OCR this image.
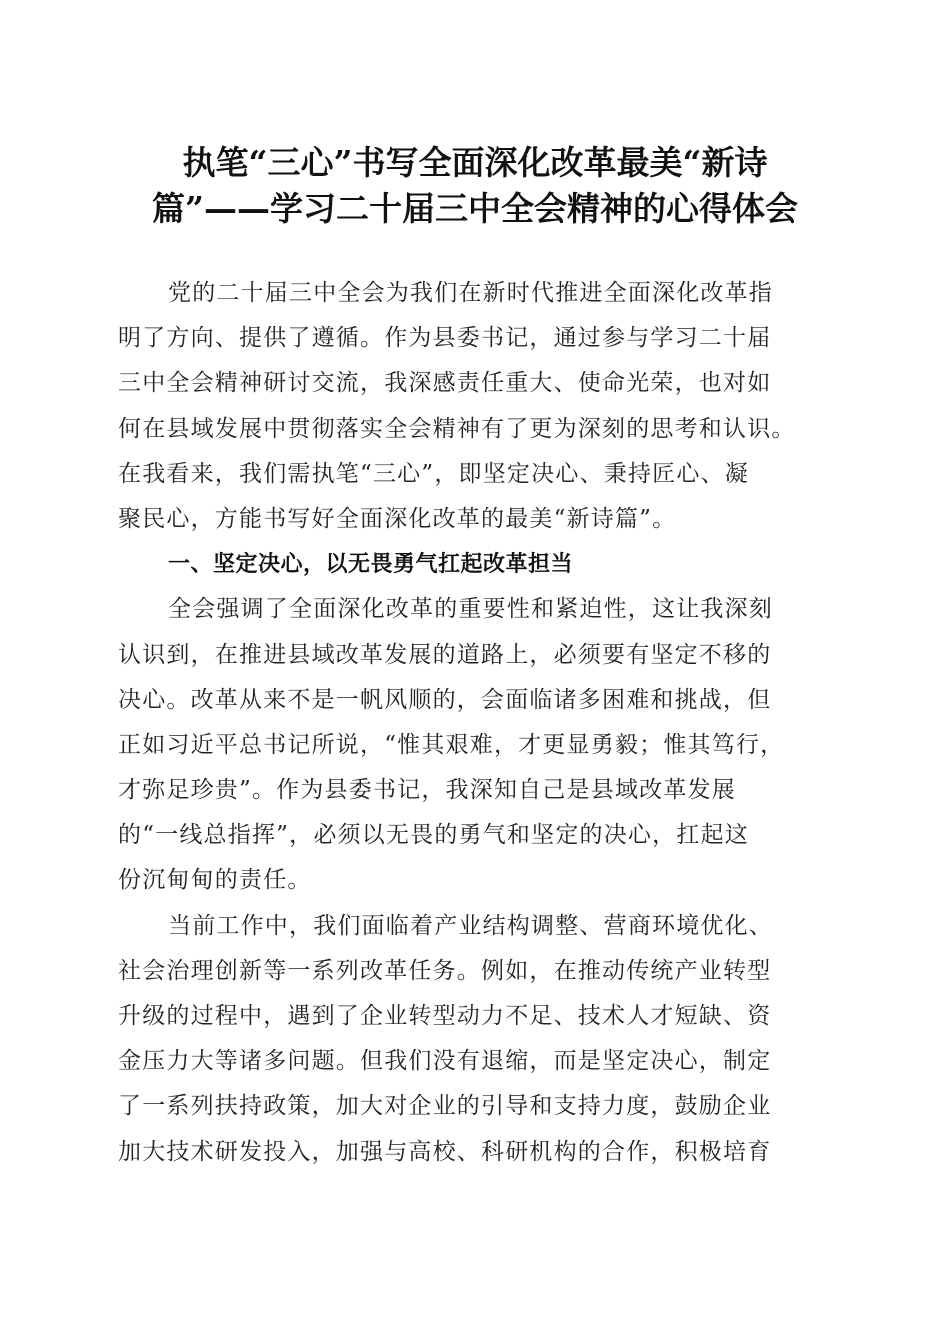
执笔“三心”书写全面深化改革最美“新诗
篇”——学习二十届三中全会精神的心得体会
党的二十届三中全会为我们在新时代推进全面深化改革指
明了方向、提供了遵循。作为县委书记，通过参与学习二十届
三中全会精神研讨交流，我深感责任重大、使命光荣，也对如
何在县域发展中贯彻落实全会精神有了更为深刻的思考和认识。
在我看来，我们需执笔“三心”，即坚定决心、秉持匠心、凝
聚民心，方能书写好全面深化改革的最美“新诗篇”。
一、坚定决心，以无畏勇气扛起改革担当
全会强调了全面深化改革的重要性和紧迫性，这让我深刻
认识到，在推进县域改革发展的道路上，必须要有坚定不移的
决心。改革从来不是一帆风顺的，会面临诸多困难和挑战，但
正如习近平总书记所说，“惟其艰难，才更显勇毅；惟其笃行，
才弥足珍贵”。作为县委书记，我深知自己是县域改革发展
的“一线总指挥”，必须以无畏的勇气和坚定的决心，扛起这
份沉甸甸的责任。
当前工作中，我们面临着产业结构调整、营商环境优化、
社会治理创新等一系列改革任务。例如，在推动传统产业转型
升级的过程中，遇到了企业转型动力不足、技术人才短缺、资
金压力大等诸多问题。但我们没有退缩，而是坚定决心，制定
了一系列扶持政策，加大对企业的引导和支持力度，鼓励企业
加大技术研发投入，加强与高校、科研机构的合作，积极培育
